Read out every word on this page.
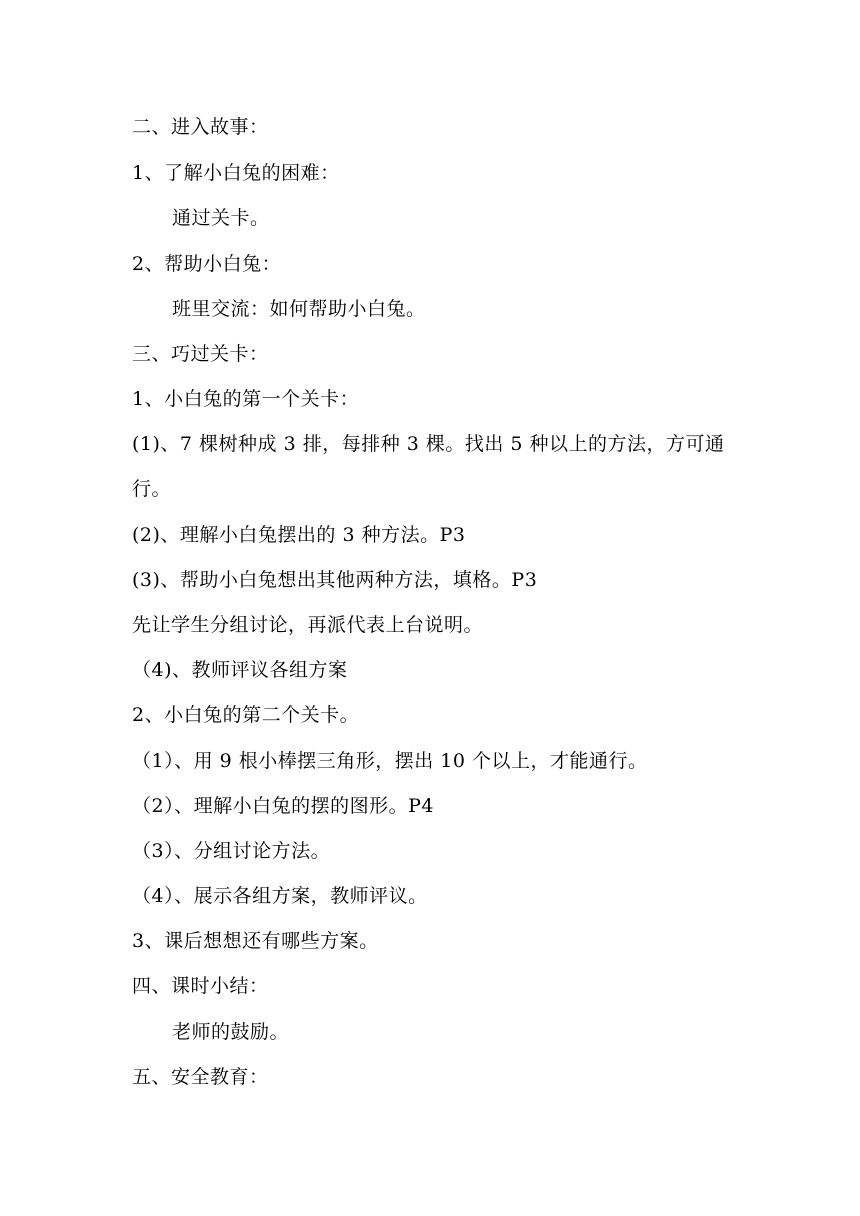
二、进入故事：
1、了解小白兔的困难：
通过关卡。
2、帮助小白兔：
班里交流：如何帮助小白兔。
三、巧过关卡：
1、小白兔的第一个关卡：
(1)、7 棵树种成 3 排，每排种 3 棵。找出 5 种以上的方法，方可通
行。
(2)、理解小白兔摆出的 3 种方法。P3
(3)、帮助小白兔想出其他两种方法，填格。P3
先让学生分组讨论，再派代表上台说明。
（4)、教师评议各组方案
2、小白兔的第二个关卡。
（1）、用 9 根小棒摆三角形，摆出 10 个以上，才能通行。
（2）、理解小白兔的摆的图形。P4
（3）、分组讨论方法。
（4）、展示各组方案，教师评议。
3、课后想想还有哪些方案。
四、课时小结：
老师的鼓励。
五、安全教育：
